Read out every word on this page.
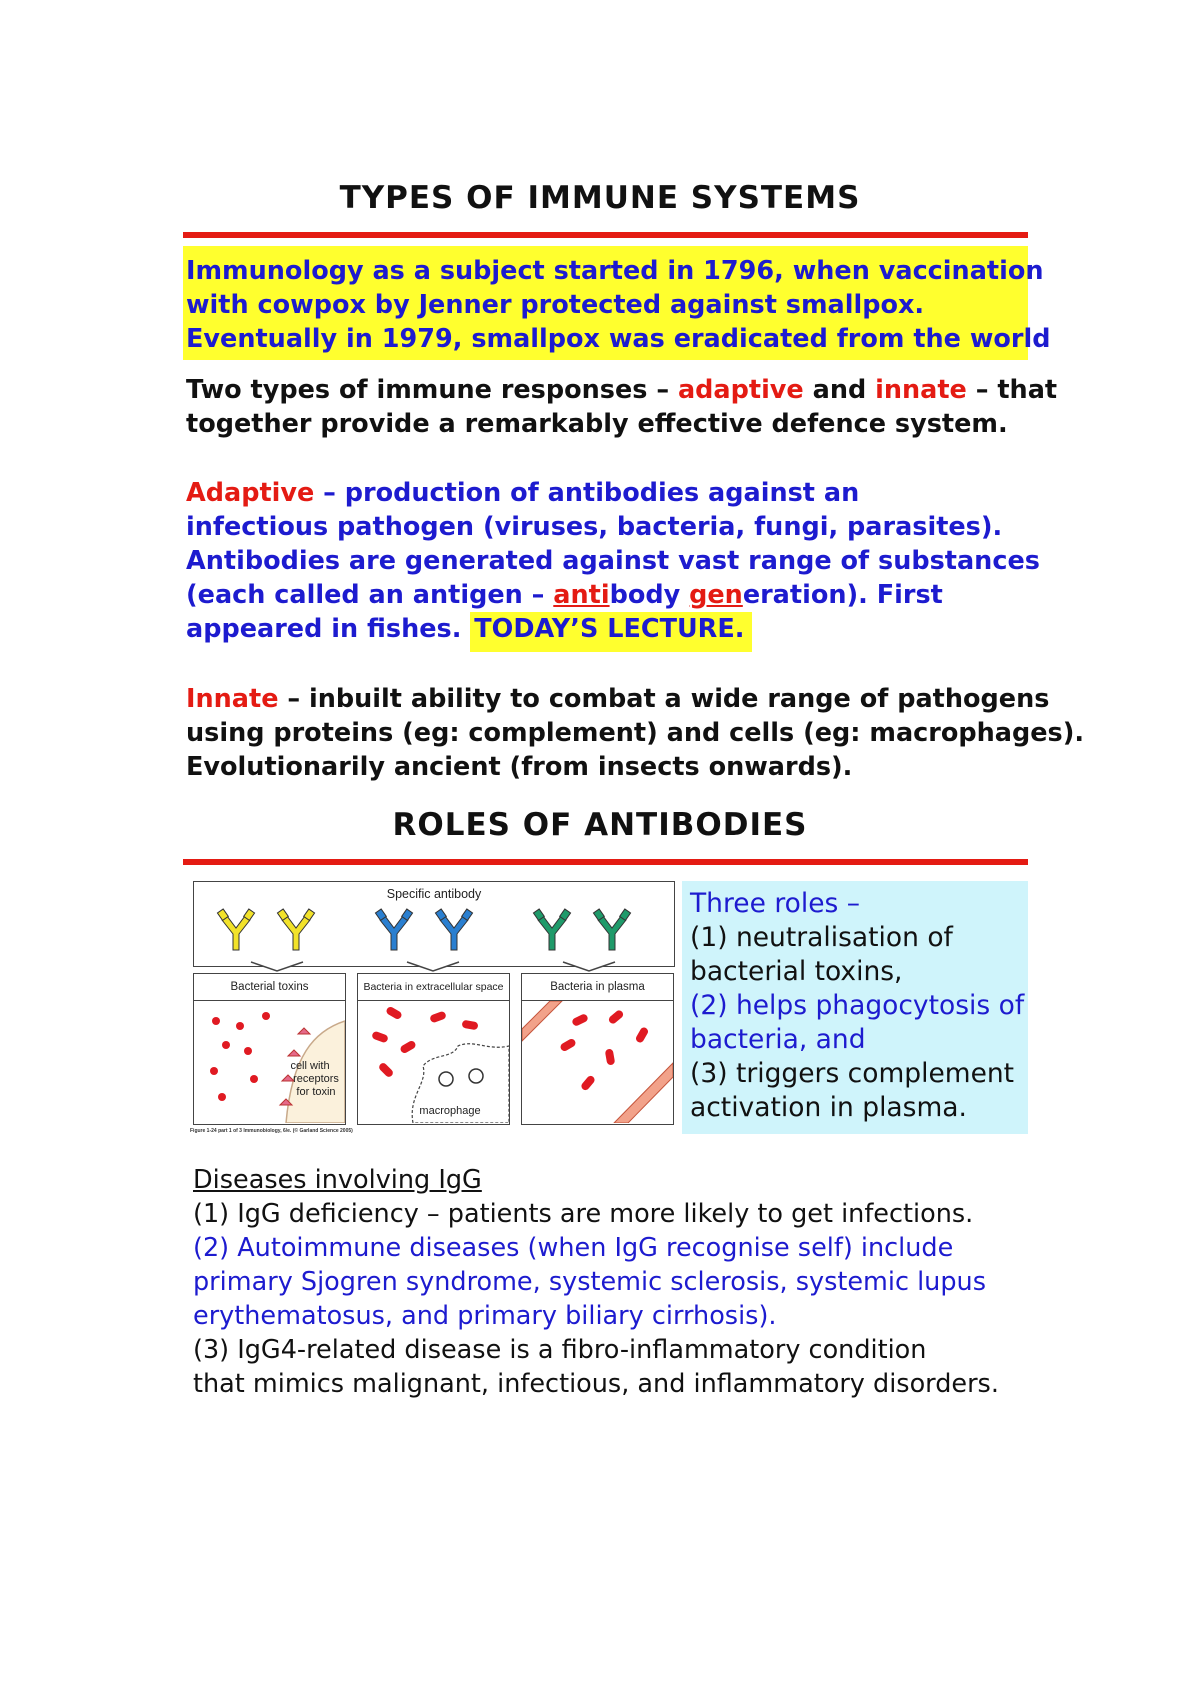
TYPES OF IMMUNE SYSTEMS
Immunology as a subject started in 1796, when vaccination
with cowpox by Jenner protected against smallpox.
Eventually in 1979, smallpox was eradicated from the world
Two types of immune responses – adaptive and innate – that
together provide a remarkably effective defence system.
Adaptive – production of antibodies against an
infectious pathogen (viruses, bacteria, fungi, parasites).
Antibodies are generated against vast range of substances
(each called an antigen – antibody generation). First
appeared in fishes. TODAY’S LECTURE.
Innate – inbuilt ability to combat a wide range of pathogens
using proteins (eg: complement) and cells (eg: macrophages).
Evolutionarily ancient (from insects onwards).
ROLES OF ANTIBODIES
Specific antibody
Bacterial toxins
cell with
receptors
for toxin
Bacteria in extracellular space
macrophage
Bacteria in plasma
Figure 1-24 part 1 of 3 Immunobiology, 6/e. (© Garland Science 2005)
Three roles –
(1) neutralisation of
bacterial toxins,
(2) helps phagocytosis of
bacteria, and
(3) triggers complement
activation in plasma.
Diseases involving IgG
(1) IgG deficiency – patients are more likely to get infections.
(2) Autoimmune diseases (when IgG recognise self) include
primary Sjogren syndrome, systemic sclerosis, systemic lupus
erythematosus, and primary biliary cirrhosis).
(3) IgG4-related disease is a fibro-inflammatory condition
that mimics malignant, infectious, and inflammatory disorders.
